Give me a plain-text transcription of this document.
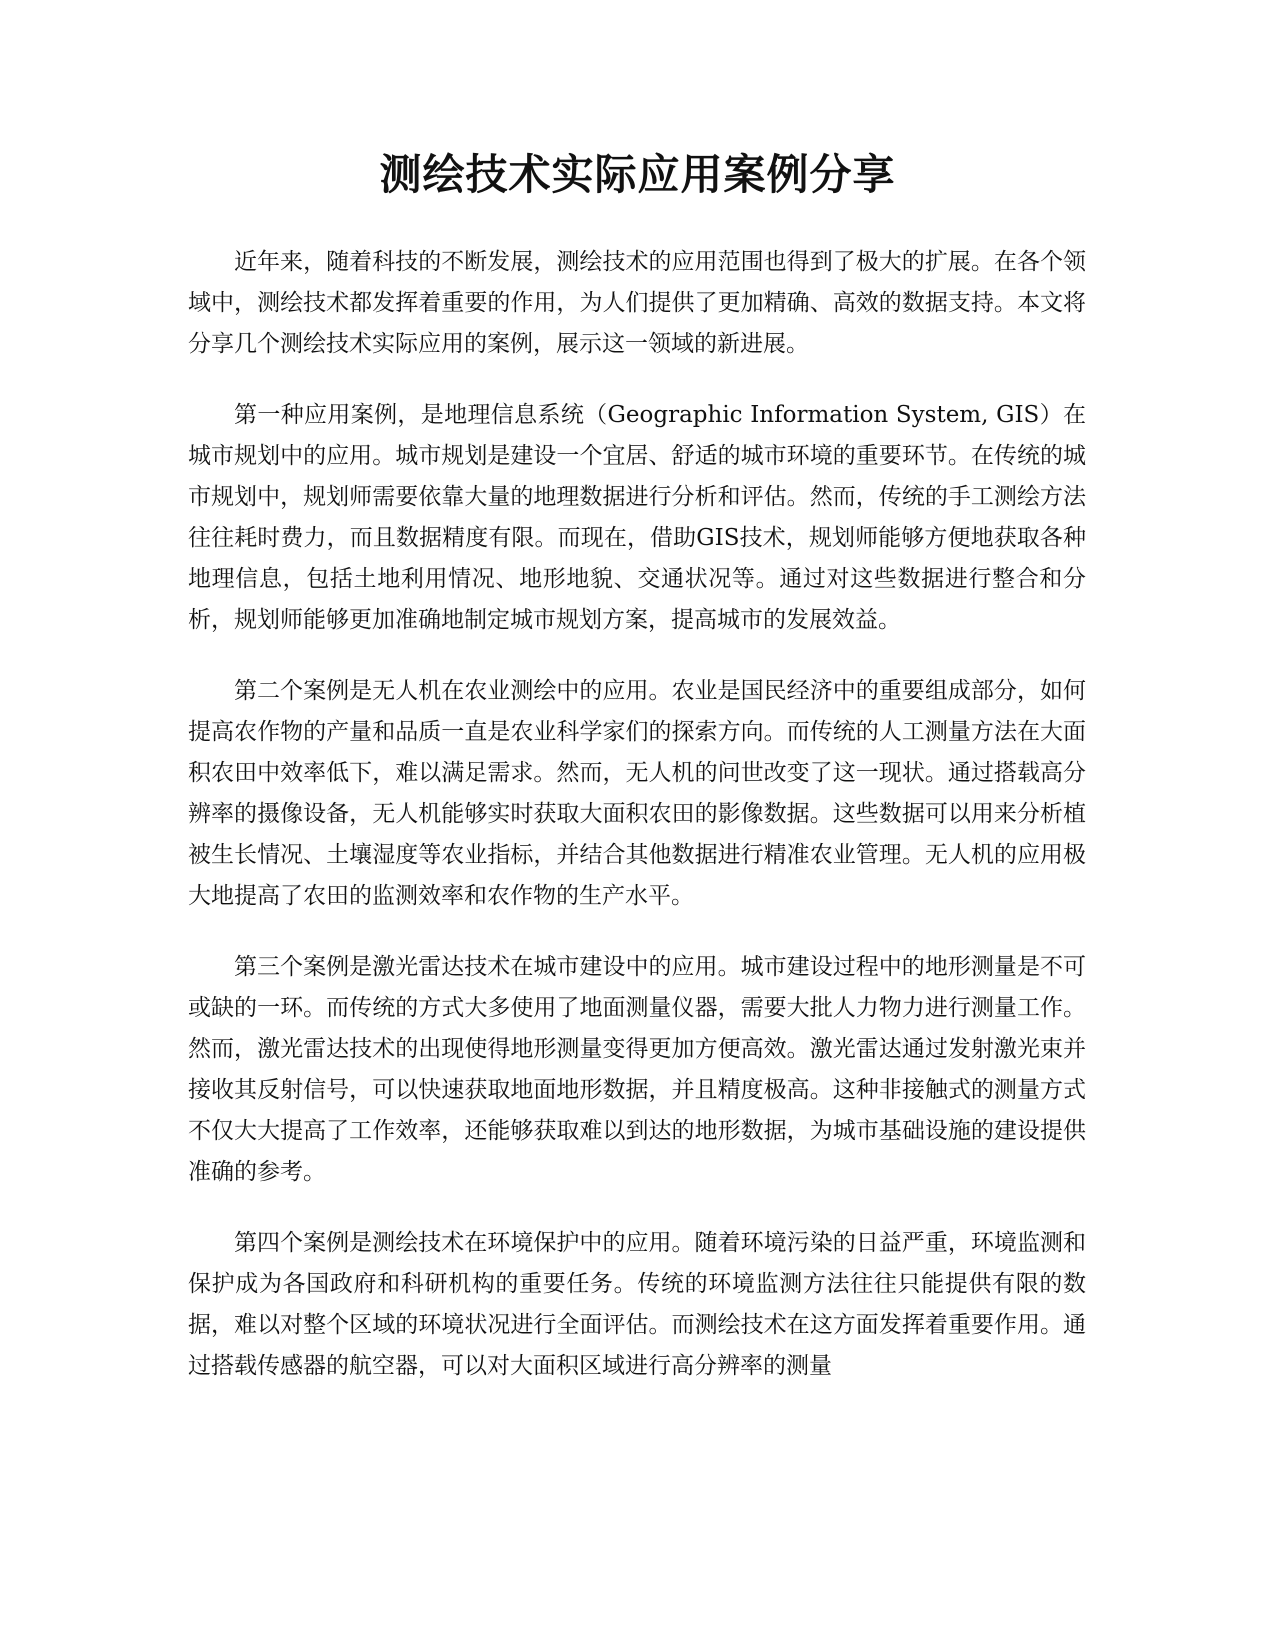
测绘技术实际应用案例分享

近年来，随着科技的不断发展，测绘技术的应用范围也得到了极大的扩展。在各个领域中，测绘技术都发挥着重要的作用，为人们提供了更加精确、高效的数据支持。本文将分享几个测绘技术实际应用的案例，展示这一领域的新进展。

第一种应用案例，是地理信息系统（Geographic Information System, GIS）在城市规划中的应用。城市规划是建设一个宜居、舒适的城市环境的重要环节。在传统的城市规划中，规划师需要依靠大量的地理数据进行分析和评估。然而，传统的手工测绘方法往往耗时费力，而且数据精度有限。而现在，借助GIS技术，规划师能够方便地获取各种地理信息，包括土地利用情况、地形地貌、交通状况等。通过对这些数据进行整合和分析，规划师能够更加准确地制定城市规划方案，提高城市的发展效益。

第二个案例是无人机在农业测绘中的应用。农业是国民经济中的重要组成部分，如何提高农作物的产量和品质一直是农业科学家们的探索方向。而传统的人工测量方法在大面积农田中效率低下，难以满足需求。然而，无人机的问世改变了这一现状。通过搭载高分辨率的摄像设备，无人机能够实时获取大面积农田的影像数据。这些数据可以用来分析植被生长情况、土壤湿度等农业指标，并结合其他数据进行精准农业管理。无人机的应用极大地提高了农田的监测效率和农作物的生产水平。

第三个案例是激光雷达技术在城市建设中的应用。城市建设过程中的地形测量是不可或缺的一环。而传统的方式大多使用了地面测量仪器，需要大批人力物力进行测量工作。然而，激光雷达技术的出现使得地形测量变得更加方便高效。激光雷达通过发射激光束并接收其反射信号，可以快速获取地面地形数据，并且精度极高。这种非接触式的测量方式不仅大大提高了工作效率，还能够获取难以到达的地形数据，为城市基础设施的建设提供准确的参考。

第四个案例是测绘技术在环境保护中的应用。随着环境污染的日益严重，环境监测和保护成为各国政府和科研机构的重要任务。传统的环境监测方法往往只能提供有限的数据，难以对整个区域的环境状况进行全面评估。而测绘技术在这方面发挥着重要作用。通过搭载传感器的航空器，可以对大面积区域进行高分辨率的测量
